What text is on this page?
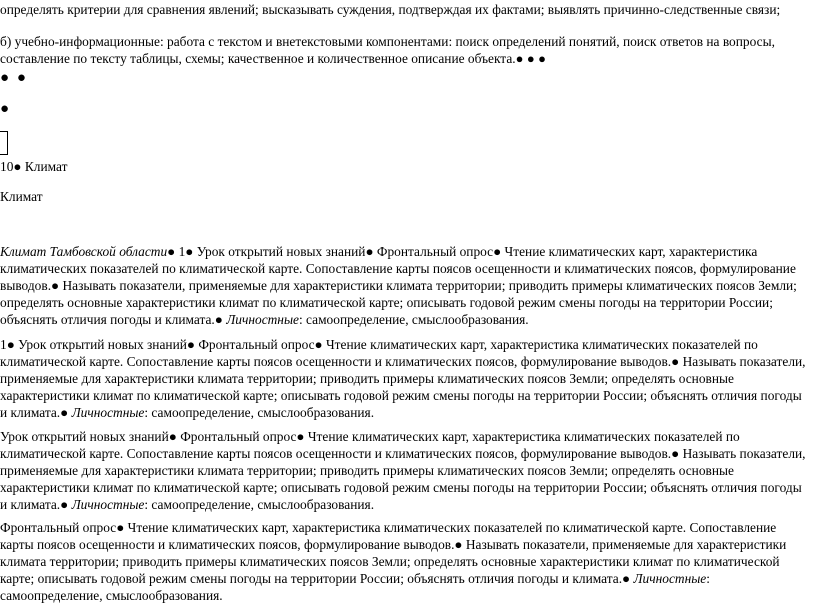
определять критерии для сравнения явлений; высказывать суждения, подтверждая их фактами; выявлять причинно-следственные связи;

б) учебно-информационные: работа с текстом и внетекстовыми компонентами: поиск определений понятий, поиск ответов на вопросы, составление по тексту таблицы, схемы; качественное и количественное описание объекта.● ● ●

● ●

●

10● Климат

Климат

Климат Тамбовской области● 1● Урок открытий новых знаний● Фронтальный опрос● Чтение климатических карт, характеристика климатических показателей по климатической карте. Сопоставление карты поясов осещенности и климатических поясов, формулирование выводов.● Называть показатели, применяемые для характеристики климата территории; приводить примеры климатических поясов Земли; определять основные характеристики климат по климатической карте; описывать годовой режим смены погоды на территории России; объяснять отличия погоды и климата.● Личностные: самоопределение, смыслообразования.

1● Урок открытий новых знаний● Фронтальный опрос● Чтение климатических карт, характеристика климатических показателей по климатической карте. Сопоставление карты поясов осещенности и климатических поясов, формулирование выводов.● Называть показатели, применяемые для характеристики климата территории; приводить примеры климатических поясов Земли; определять основные характеристики климат по климатической карте; описывать годовой режим смены погоды на территории России; объяснять отличия погоды и климата.● Личностные: самоопределение, смыслообразования.

Урок открытий новых знаний● Фронтальный опрос● Чтение климатических карт, характеристика климатических показателей по климатической карте. Сопоставление карты поясов осещенности и климатических поясов, формулирование выводов.● Называть показатели, применяемые для характеристики климата территории; приводить примеры климатических поясов Земли; определять основные характеристики климат по климатической карте; описывать годовой режим смены погоды на территории России; объяснять отличия погоды и климата.● Личностные: самоопределение, смыслообразования.

Фронтальный опрос● Чтение климатических карт, характеристика климатических показателей по климатической карте. Сопоставление карты поясов осещенности и климатических поясов, формулирование выводов.● Называть показатели, применяемые для характеристики климата территории; приводить примеры климатических поясов Земли; определять основные характеристики климат по климатической карте; описывать годовой режим смены погоды на территории России; объяснять отличия погоды и климата.● Личностные: самоопределение, смыслообразования.
